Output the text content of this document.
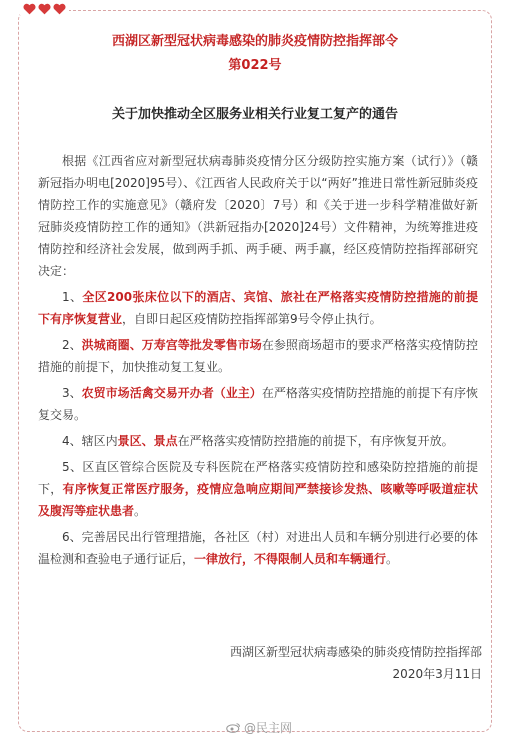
西湖区新型冠状病毒感染的肺炎疫情防控指挥部令
第022号
关于加快推动全区服务业相关行业复工复产的通告

根据《江西省应对新型冠状病毒肺炎疫情分区分级防控实施方案（试行）》（赣新冠指办明电[2020]95号）、《江西省人民政府关于以“两好”推进日常性新冠肺炎疫情防控工作的实施意见》（赣府发〔2020〕7号）和《关于进一步科学精准做好新冠肺炎疫情防控工作的通知》（洪新冠指办[2020]24号）文件精神，为统筹推进疫情防控和经济社会发展，做到两手抓、两手硬、两手赢，经区疫情防控指挥部研究决定：

1、全区200张床位以下的酒店、宾馆、旅社在严格落实疫情防控措施的前提下有序恢复营业，自即日起区疫情防控指挥部第9号令停止执行。

2、洪城商圈、万寿宫等批发零售市场在参照商场超市的要求严格落实疫情防控措施的前提下，加快推动复工复业。

3、农贸市场活禽交易开办者（业主）在严格落实疫情防控措施的前提下有序恢复交易。

4、辖区内景区、景点在严格落实疫情防控措施的前提下，有序恢复开放。

5、区直区管综合医院及专科医院在严格落实疫情防控和感染防控措施的前提下，有序恢复正常医疗服务，疫情应急响应期间严禁接诊发热、咳嗽等呼吸道症状及腹泻等症状患者。

6、完善居民出行管理措施，各社区（村）对进出人员和车辆分别进行必要的体温检测和查验电子通行证后，一律放行，不得限制人员和车辆通行。

西湖区新型冠状病毒感染的肺炎疫情防控指挥部
2020年3月11日
@民主网
